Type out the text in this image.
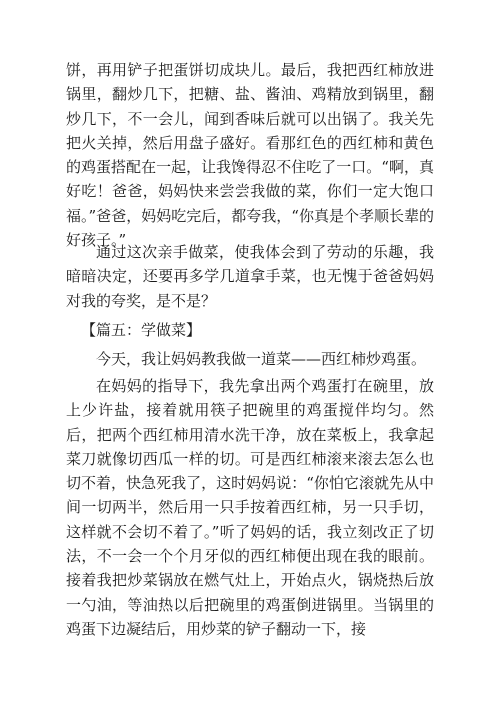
饼，再用铲子把蛋饼切成块儿。最后，我把西红柿放进锅里，翻炒几下，把糖、盐、酱油、鸡精放到锅里，翻炒几下，不一会儿，闻到香味后就可以出锅了。我关先把火关掉，然后用盘子盛好。看那红色的西红柿和黄色的鸡蛋搭配在一起，让我馋得忍不住吃了一口。“啊，真好吃！爸爸，妈妈快来尝尝我做的菜，你们一定大饱口福。”爸爸，妈妈吃完后，都夸我，“你真是个孝顺长辈的好孩子。”

通过这次亲手做菜，使我体会到了劳动的乐趣，我暗暗决定，还要再多学几道拿手菜，也无愧于爸爸妈妈对我的夸奖，是不是？

【篇五：学做菜】

今天，我让妈妈教我做一道菜——西红柿炒鸡蛋。

在妈妈的指导下，我先拿出两个鸡蛋打在碗里，放上少许盐，接着就用筷子把碗里的鸡蛋搅伴均匀。然后，把两个西红柿用清水洗干净，放在菜板上，我拿起菜刀就像切西瓜一样的切。可是西红柿滚来滚去怎么也切不着，快急死我了，这时妈妈说：“你怕它滚就先从中间一切两半，然后用一只手按着西红柿，另一只手切，这样就不会切不着了。”听了妈妈的话，我立刻改正了切法，不一会一个个月牙似的西红柿便出现在我的眼前。接着我把炒菜锅放在燃气灶上，开始点火，锅烧热后放一勺油，等油热以后把碗里的鸡蛋倒进锅里。当锅里的鸡蛋下边凝结后，用炒菜的铲子翻动一下，接
